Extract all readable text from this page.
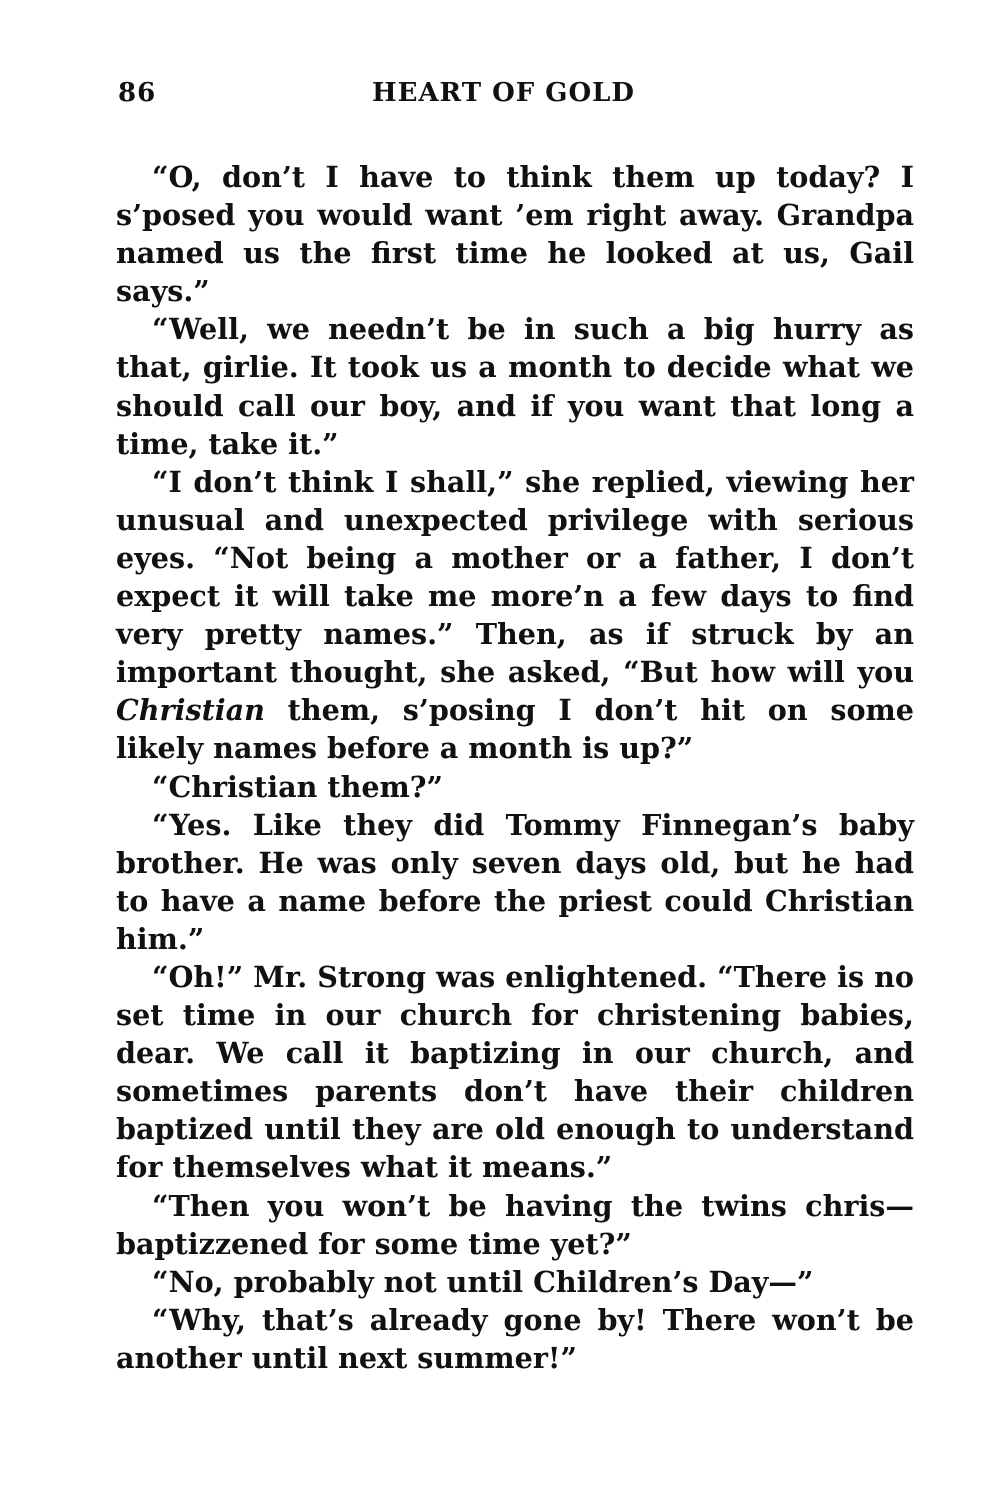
86	HEART OF GOLD

“O, don’t I have to think them up today? I s’posed you would want ’em right away. Grandpa named us the first time he looked at us, Gail says.”

“Well, we needn’t be in such a big hurry as that, girlie. It took us a month to decide what we should call our boy, and if you want that long a time, take it.”

“I don’t think I shall,” she replied, viewing her unusual and unexpected privilege with serious eyes. “Not being a mother or a father, I don’t expect it will take me more’n a few days to find very pretty names.” Then, as if struck by an important thought, she asked, “But how will you Christian them, s’posing I don’t hit on some likely names before a month is up?”

“Christian them?”

“Yes. Like they did Tommy Finnegan’s baby brother. He was only seven days old, but he had to have a name before the priest could Christian him.”

“Oh!” Mr. Strong was enlightened. “There is no set time in our church for christening babies, dear. We call it baptizing in our church, and sometimes parents don’t have their children baptized until they are old enough to understand for themselves what it means.”

“Then you won’t be having the twins chris— baptizzened for some time yet?”

“No, probably not until Children’s Day—”

“Why, that’s already gone by! There won’t be another until next summer!”
